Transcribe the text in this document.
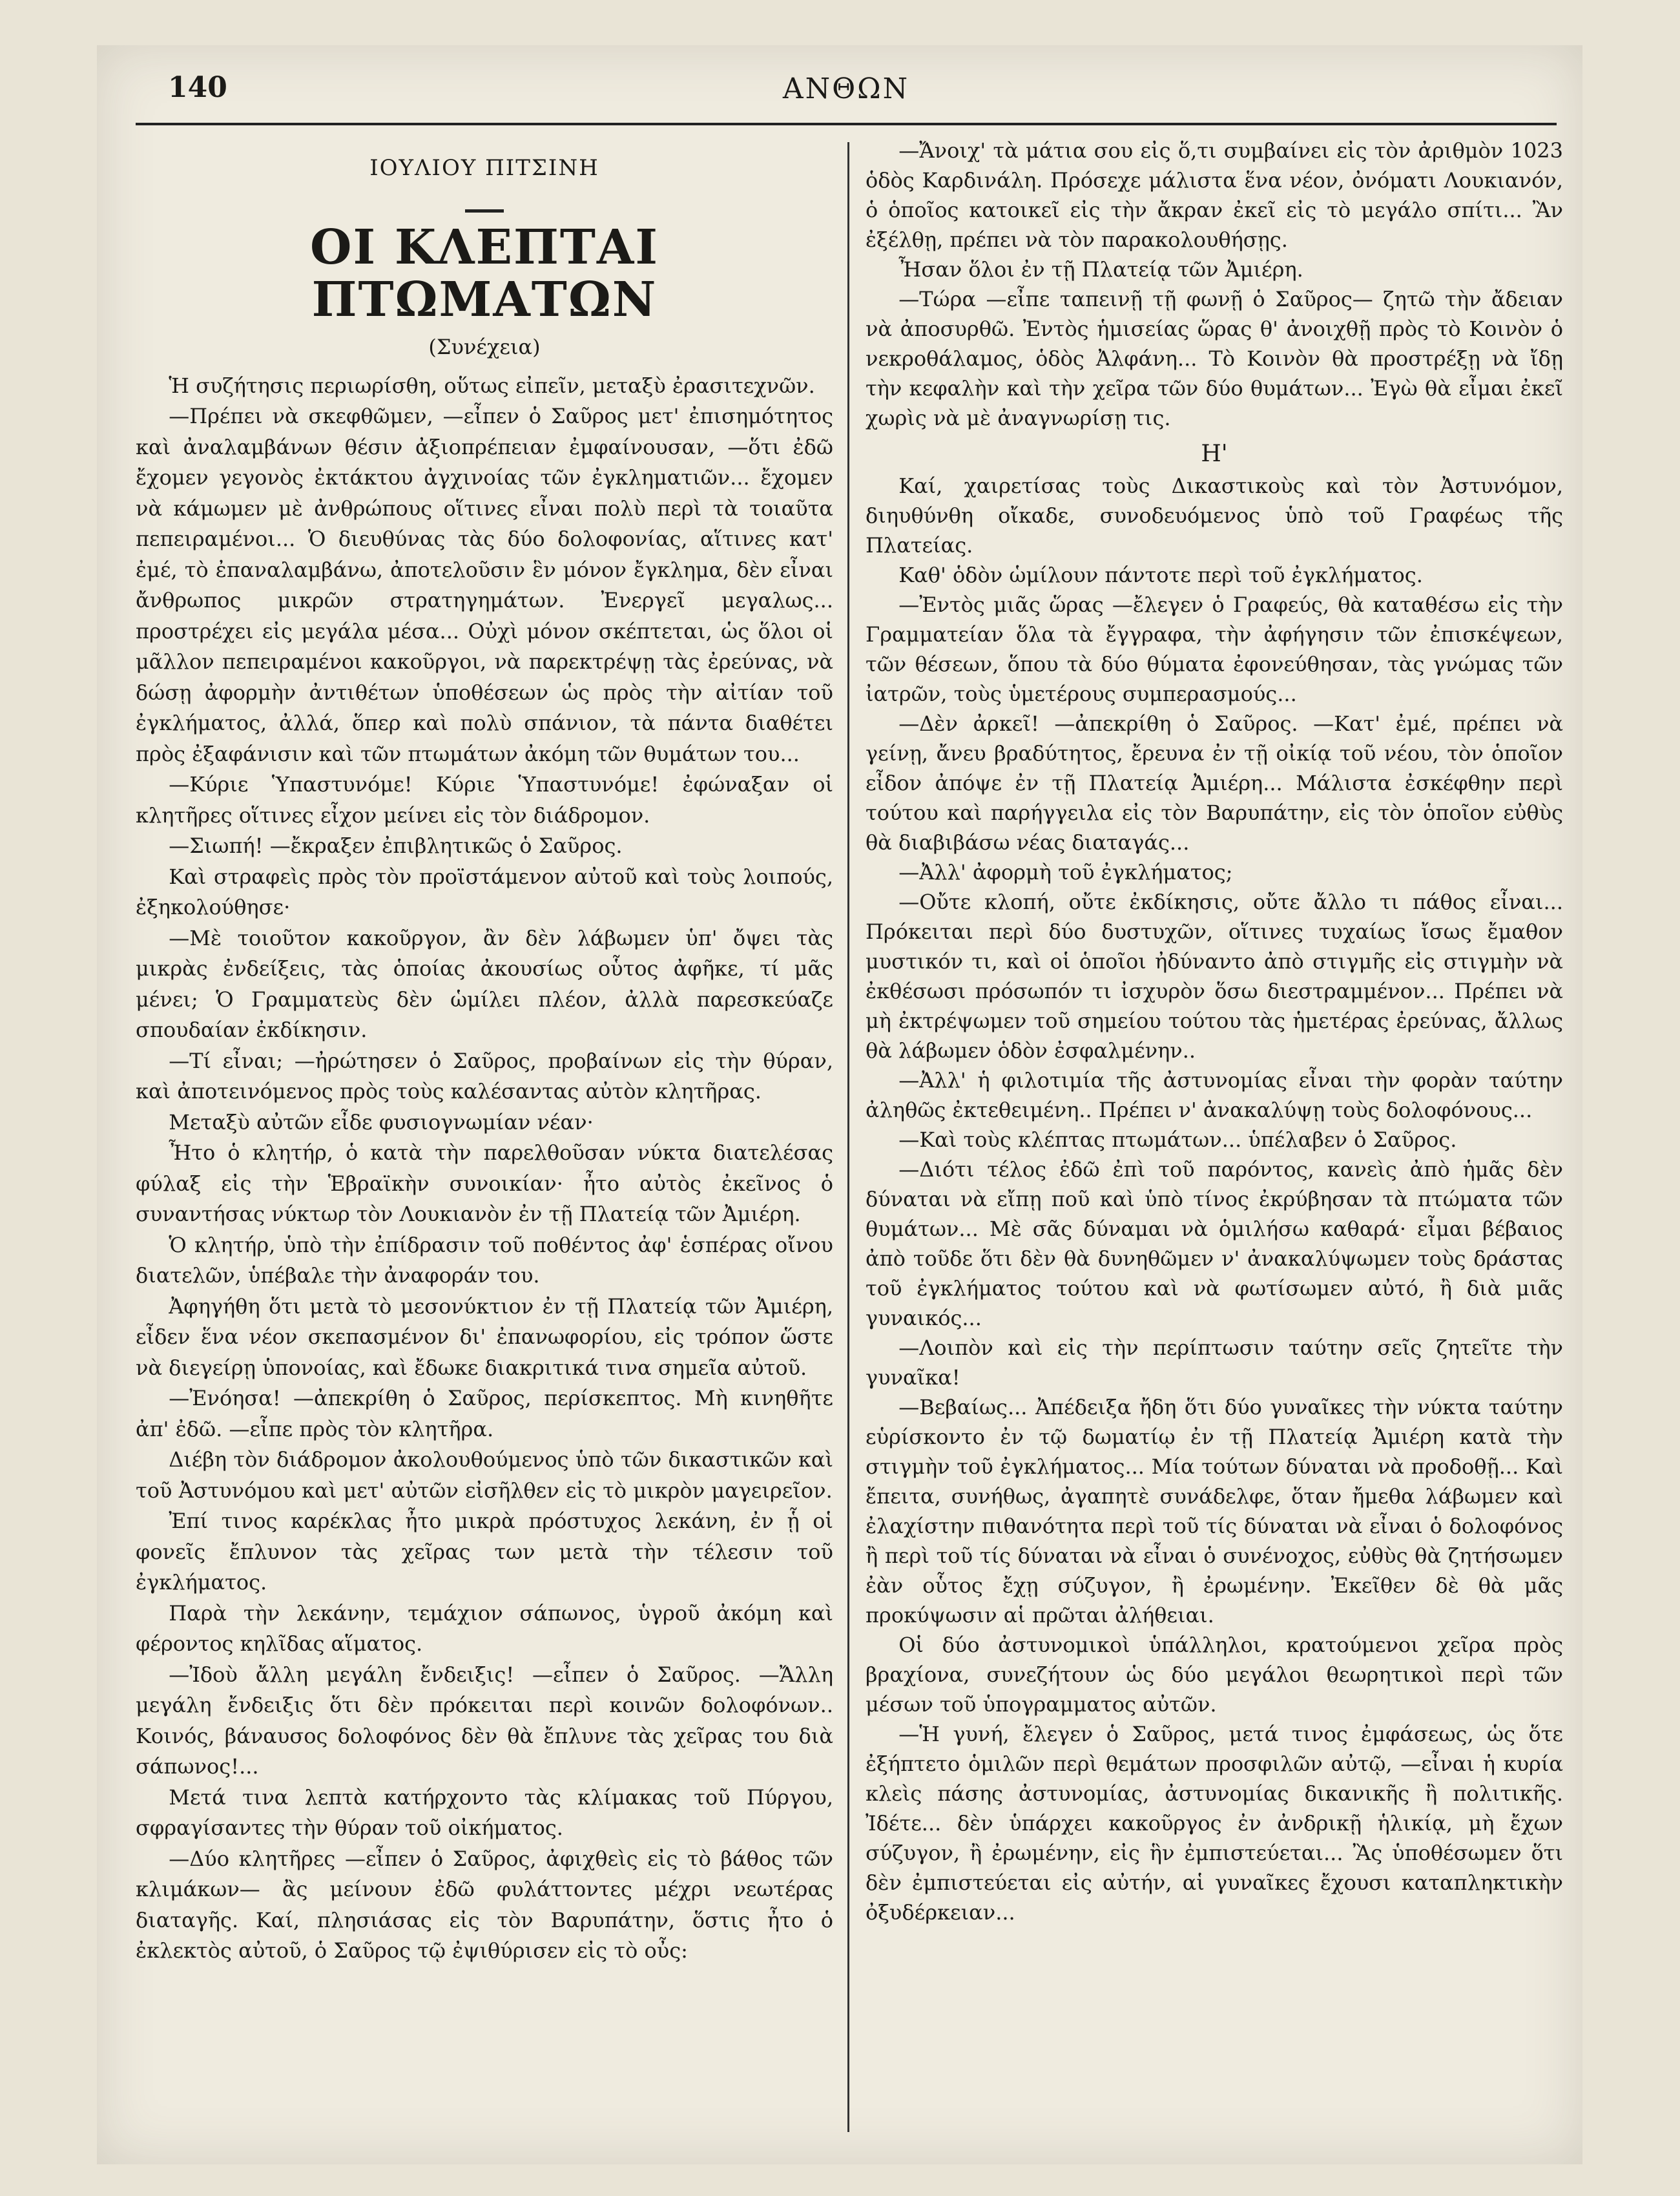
140	ΑΝΘΩΝ
ΙΟΥΛΙΟΥ ΠΙΤΣΙΝΗ
ΟΙ ΚΛΕΠΤΑΙ ΠΤΩΜΑΤΩΝ
(Συνέχεια)

Ἡ συζήτησις περιωρίσθη, οὕτως εἰπεῖν, μεταξὺ ἐρασιτεχνῶν.

—Πρέπει νὰ σκεφθῶμεν, —εἶπεν ὁ Σαῦρος μετ' ἐπισημότητος καὶ ἀναλαμβάνων θέσιν ἀξιοπρέπειαν ἐμφαίνουσαν, —ὅτι ἐδῶ ἔχομεν γεγονὸς ἐκτάκτου ἀγχινοίας τῶν ἐγκληματιῶν... ἔχομεν νὰ κάμωμεν μὲ ἀνθρώπους οἵτινες εἶναι πολὺ περὶ τὰ τοιαῦτα πεπειραμένοι... Ὁ διευθύνας τὰς δύο δολοφονίας, αἵτινες κατ' ἐμέ, τὸ ἐπαναλαμβάνω, ἀποτελοῦσιν ἓν μόνον ἔγκλημα, δὲν εἶναι ἄνθρωπος μικρῶν στρατηγημάτων. Ἐνεργεῖ μεγαλως... προστρέχει εἰς μεγάλα μέσα... Οὐχὶ μόνον σκέπτεται, ὡς ὅλοι οἱ μᾶλλον πεπειραμένοι κακοῦργοι, νὰ παρεκτρέψῃ τὰς ἐρεύνας, νὰ δώσῃ ἀφορμὴν ἀντιθέτων ὑποθέσεων ὡς πρὸς τὴν αἰτίαν τοῦ ἐγκλήματος, ἀλλά, ὅπερ καὶ πολὺ σπάνιον, τὰ πάντα διαθέτει πρὸς ἐξαφάνισιν καὶ τῶν πτωμάτων ἀκόμη τῶν θυμάτων του...

—Κύριε Ὑπαστυνόμε! Κύριε Ὑπαστυνόμε! ἐφώναξαν οἱ κλητῆρες οἵτινες εἶχον μείνει εἰς τὸν διάδρομον.

—Σιωπή! —ἔκραξεν ἐπιβλητικῶς ὁ Σαῦρος.

Καὶ στραφεὶς πρὸς τὸν προϊστάμενον αὐτοῦ καὶ τοὺς λοιπούς, ἐξηκολούθησε·

—Μὲ τοιοῦτον κακοῦργον, ἂν δὲν λάβωμεν ὑπ' ὄψει τὰς μικρὰς ἐνδείξεις, τὰς ὁποίας ἀκουσίως οὗτος ἀφῆκε, τί μᾶς μένει; Ὁ Γραμματεὺς δὲν ὡμίλει πλέον, ἀλλὰ παρεσκεύαζε σπουδαίαν ἐκδίκησιν.

—Τί εἶναι; —ἠρώτησεν ὁ Σαῦρος, προβαίνων εἰς τὴν θύραν, καὶ ἀποτεινόμενος πρὸς τοὺς καλέσαντας αὐτὸν κλητῆρας.

Μεταξὺ αὐτῶν εἶδε φυσιογνωμίαν νέαν·

Ἦτο ὁ κλητήρ, ὁ κατὰ τὴν παρελθοῦσαν νύκτα διατελέσας φύλαξ εἰς τὴν Ἑβραϊκὴν συνοικίαν· ἦτο αὐτὸς ἐκεῖνος ὁ συναντήσας νύκτωρ τὸν Λουκιανὸν ἐν τῇ Πλατείᾳ τῶν Ἀμιέρη.

Ὁ κλητήρ, ὑπὸ τὴν ἐπίδρασιν τοῦ ποθέντος ἀφ' ἑσπέρας οἴνου διατελῶν, ὑπέβαλε τὴν ἀναφοράν του.

Ἀφηγήθη ὅτι μετὰ τὸ μεσονύκτιον ἐν τῇ Πλατείᾳ τῶν Ἀμιέρη, εἶδεν ἕνα νέον σκεπασμένον δι' ἐπανωφορίου, εἰς τρόπον ὥστε νὰ διεγείρῃ ὑπονοίας, καὶ ἔδωκε διακριτικά τινα σημεῖα αὐτοῦ.

—Ἐνόησα! —ἀπεκρίθη ὁ Σαῦρος, περίσκεπτος. Μὴ κινηθῆτε ἀπ' ἐδῶ. —εἶπε πρὸς τὸν κλητῆρα.

Διέβη τὸν διάδρομον ἀκολουθούμενος ὑπὸ τῶν δικαστικῶν καὶ τοῦ Ἀστυνόμου καὶ μετ' αὐτῶν εἰσῆλθεν εἰς τὸ μικρὸν μαγειρεῖον.

Ἐπί τινος καρέκλας ἦτο μικρὰ πρόστυχος λεκάνη, ἐν ᾗ οἱ φονεῖς ἔπλυνον τὰς χεῖρας των μετὰ τὴν τέλεσιν τοῦ ἐγκλήματος.

Παρὰ τὴν λεκάνην, τεμάχιον σάπωνος, ὑγροῦ ἀκόμη καὶ φέροντος κηλῖδας αἵματος.

—Ἰδοὺ ἄλλη μεγάλη ἔνδειξις! —εἶπεν ὁ Σαῦρος. —Ἄλλη μεγάλη ἔνδειξις ὅτι δὲν πρόκειται περὶ κοινῶν δολοφόνων.. Κοινός, βάναυσος δολοφόνος δὲν θὰ ἔπλυνε τὰς χεῖρας του διὰ σάπωνος!...

Μετά τινα λεπτὰ κατήρχοντο τὰς κλίμακας τοῦ Πύργου, σφραγίσαντες τὴν θύραν τοῦ οἰκήματος.

—Δύο κλητῆρες —εἶπεν ὁ Σαῦρος, ἀφιχθεὶς εἰς τὸ βάθος τῶν κλιμάκων— ἂς μείνουν ἐδῶ φυλάττοντες μέχρι νεωτέρας διαταγῆς. Καί, πλησιάσας εἰς τὸν Βαρυπάτην, ὅστις ἦτο ὁ ἐκλεκτὸς αὐτοῦ, ὁ Σαῦρος τῷ ἐψιθύρισεν εἰς τὸ οὖς:

—Ἄνοιχ' τὰ μάτια σου εἰς ὅ,τι συμβαίνει εἰς τὸν ἀριθμὸν 1023 ὁδὸς Καρδινάλη. Πρόσεχε μάλιστα ἕνα νέον, ὀνόματι Λουκιανόν, ὁ ὁποῖος κατοικεῖ εἰς τὴν ἄκραν ἐκεῖ εἰς τὸ μεγάλο σπίτι... Ἂν ἐξέλθῃ, πρέπει νὰ τὸν παρακολουθήσῃς.

Ἦσαν ὅλοι ἐν τῇ Πλατείᾳ τῶν Ἀμιέρη.

—Τώρα —εἶπε ταπεινῇ τῇ φωνῇ ὁ Σαῦρος— ζητῶ τὴν ἄδειαν νὰ ἀποσυρθῶ. Ἐντὸς ἡμισείας ὥρας θ' ἀνοιχθῇ πρὸς τὸ Κοινὸν ὁ νεκροθάλαμος, ὁδὸς Ἀλφάνη... Τὸ Κοινὸν θὰ προστρέξῃ νὰ ἴδῃ τὴν κεφαλὴν καὶ τὴν χεῖρα τῶν δύο θυμάτων... Ἐγὼ θὰ εἶμαι ἐκεῖ χωρὶς νὰ μὲ ἀναγνωρίσῃ τις.

Η'

Καί, χαιρετίσας τοὺς Δικαστικοὺς καὶ τὸν Ἀστυνόμον, διηυθύνθη οἴκαδε, συνοδευόμενος ὑπὸ τοῦ Γραφέως τῆς Πλατείας.

Καθ' ὁδὸν ὡμίλουν πάντοτε περὶ τοῦ ἐγκλήματος.

—Ἐντὸς μιᾶς ὥρας —ἔλεγεν ὁ Γραφεύς, θὰ καταθέσω εἰς τὴν Γραμματείαν ὅλα τὰ ἔγγραφα, τὴν ἀφήγησιν τῶν ἐπισκέψεων, τῶν θέσεων, ὅπου τὰ δύο θύματα ἐφονεύθησαν, τὰς γνώμας τῶν ἰατρῶν, τοὺς ὑμετέρους συμπερασμούς...

—Δὲν ἀρκεῖ! —ἀπεκρίθη ὁ Σαῦρος. —Κατ' ἐμέ, πρέπει νὰ γείνῃ, ἄνευ βραδύτητος, ἔρευνα ἐν τῇ οἰκίᾳ τοῦ νέου, τὸν ὁποῖον εἶδον ἀπόψε ἐν τῇ Πλατείᾳ Ἀμιέρη... Μάλιστα ἐσκέφθην περὶ τούτου καὶ παρήγγειλα εἰς τὸν Βαρυπάτην, εἰς τὸν ὁποῖον εὐθὺς θὰ διαβιβάσω νέας διαταγάς...

—Ἀλλ' ἀφορμὴ τοῦ ἐγκλήματος;

—Οὔτε κλοπή, οὔτε ἐκδίκησις, οὔτε ἄλλο τι πάθος εἶναι... Πρόκειται περὶ δύο δυστυχῶν, οἵτινες τυχαίως ἴσως ἔμαθον μυστικόν τι, καὶ οἱ ὁποῖοι ἠδύναντο ἀπὸ στιγμῆς εἰς στιγμὴν νὰ ἐκθέσωσι πρόσωπόν τι ἰσχυρὸν ὅσω διεστραμμένον... Πρέπει νὰ μὴ ἐκτρέψωμεν τοῦ σημείου τούτου τὰς ἡμετέρας ἐρεύνας, ἄλλως θὰ λάβωμεν ὁδὸν ἐσφαλμένην..

—Ἀλλ' ἡ φιλοτιμία τῆς ἀστυνομίας εἶναι τὴν φορὰν ταύτην ἀληθῶς ἐκτεθειμένη.. Πρέπει ν' ἀνακαλύψῃ τοὺς δολοφόνους...

—Καὶ τοὺς κλέπτας πτωμάτων... ὑπέλαβεν ὁ Σαῦρος.

—Διότι τέλος ἐδῶ ἐπὶ τοῦ παρόντος, κανεὶς ἀπὸ ἡμᾶς δὲν δύναται νὰ εἴπῃ ποῦ καὶ ὑπὸ τίνος ἐκρύβησαν τὰ πτώματα τῶν θυμάτων... Μὲ σᾶς δύναμαι νὰ ὁμιλήσω καθαρά· εἶμαι βέβαιος ἀπὸ τοῦδε ὅτι δὲν θὰ δυνηθῶμεν ν' ἀνακαλύψωμεν τοὺς δράστας τοῦ ἐγκλήματος τούτου καὶ νὰ φωτίσωμεν αὐτό, ἢ διὰ μιᾶς γυναικός...

—Λοιπὸν καὶ εἰς τὴν περίπτωσιν ταύτην σεῖς ζητεῖτε τὴν γυναῖκα!

—Βεβαίως... Ἀπέδειξα ἤδη ὅτι δύο γυναῖκες τὴν νύκτα ταύτην εὑρίσκοντο ἐν τῷ δωματίῳ ἐν τῇ Πλατείᾳ Ἀμιέρη κατὰ τὴν στιγμὴν τοῦ ἐγκλήματος... Μία τούτων δύναται νὰ προδοθῇ... Καὶ ἔπειτα, συνήθως, ἀγαπητὲ συνάδελφε, ὅταν ἤμεθα λάβωμεν καὶ ἐλαχίστην πιθανότητα περὶ τοῦ τίς δύναται νὰ εἶναι ὁ δολοφόνος ἢ περὶ τοῦ τίς δύναται νὰ εἶναι ὁ συνένοχος, εὐθὺς θὰ ζητήσωμεν ἐὰν οὗτος ἔχῃ σύζυγον, ἢ ἐρωμένην. Ἐκεῖθεν δὲ θὰ μᾶς προκύψωσιν αἱ πρῶται ἀλήθειαι.

Οἱ δύο ἀστυνομικοὶ ὑπάλληλοι, κρατούμενοι χεῖρα πρὸς βραχίονα, συνεζήτουν ὡς δύο μεγάλοι θεωρητικοὶ περὶ τῶν μέσων τοῦ ὑπογραμματος αὐτῶν.

—Ἡ γυνή, ἔλεγεν ὁ Σαῦρος, μετά τινος ἐμφάσεως, ὡς ὅτε ἐξήπτετο ὁμιλῶν περὶ θεμάτων προσφιλῶν αὐτῷ, —εἶναι ἡ κυρία κλεὶς πάσης ἀστυνομίας, ἀστυνομίας δικανικῆς ἢ πολιτικῆς. Ἰδέτε... δὲν ὑπάρχει κακοῦργος ἐν ἀνδρικῇ ἡλικίᾳ, μὴ ἔχων σύζυγον, ἢ ἐρωμένην, εἰς ἣν ἐμπιστεύεται... Ἂς ὑποθέσωμεν ὅτι δὲν ἐμπιστεύεται εἰς αὐτήν, αἱ γυναῖκες ἔχουσι καταπληκτικὴν ὀξυδέρκειαν...
